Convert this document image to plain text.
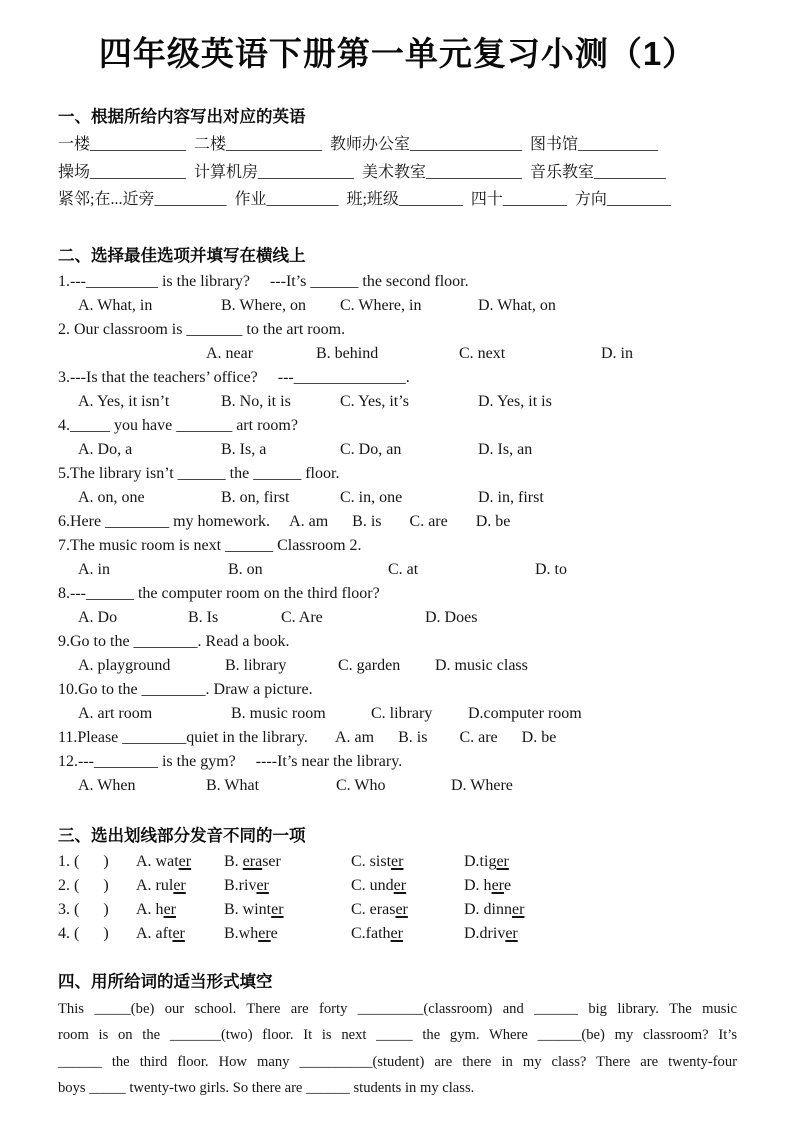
四年级英语下册第一单元复习小测（1）
一、根据所给内容写出对应的英语
一楼____________  二楼____________  教师办公室______________  图书馆__________
操场____________  计算机房____________  美术教室____________  音乐教室_________
紧邻;在...近旁_________  作业_________  班;班级________  四十________  方向________
二、选择最佳选项并填写在横线上
1.---_________ is the library?     ---It’s ______ the second floor.
A. What, in	B. Where, on	C. Where, in	D. What, on
2. Our classroom is _______ to the art room.
A. near	B. behind	C. next	D. in
3.---Is that the teachers’ office?     ---______________.
A. Yes, it isn’t	B. No, it is	C. Yes, it’s	D. Yes, it is
4._____ you have _______ art room?
A. Do, a	B. Is, a	C. Do, an	D. Is, an
5.The library isn’t ______ the ______ floor.
A. on, one	B. on, first	C. in, one	D. in, first
6.Here ________ my homework.     A. am      B. is       C. are       D. be
7.The music room is next ______ Classroom 2.
A. in	B. on	C. at	D. to
8.---______ the computer room on the third floor?
A. Do	B. Is	C. Are	D. Does
9.Go to the ________. Read a book.
A. playground	B. library	C. garden	D. music class
10.Go to the ________. Draw a picture.
A. art room	B. music room	C. library	D.computer room
11.Please ________quiet in the library.       A. am      B. is        C. are      D. be
12.---________ is the gym?     ----It’s near the library.
A. When	B. What	C. Who	D. Where
三、选出划线部分发音不同的一项
1. (      )	A. water	B. eraser	C. sister	D.tiger
2. (      )	A. ruler	B.river	C. under	D. here
3. (      )	A. her	B. winter	C. eraser	D. dinner
4. (      )	A. after	B.where	C.father	D.driver
四、用所给词的适当形式填空
This _____(be) our school. There are forty _________(classroom) and ______ big library. The music
room is on the _______(two) floor. It is next _____ the gym. Where ______(be) my classroom? It’s
______ the third floor. How many __________(student) are there in my class? There are twenty-four
boys _____ twenty-two girls. So there are ______ students in my class.
